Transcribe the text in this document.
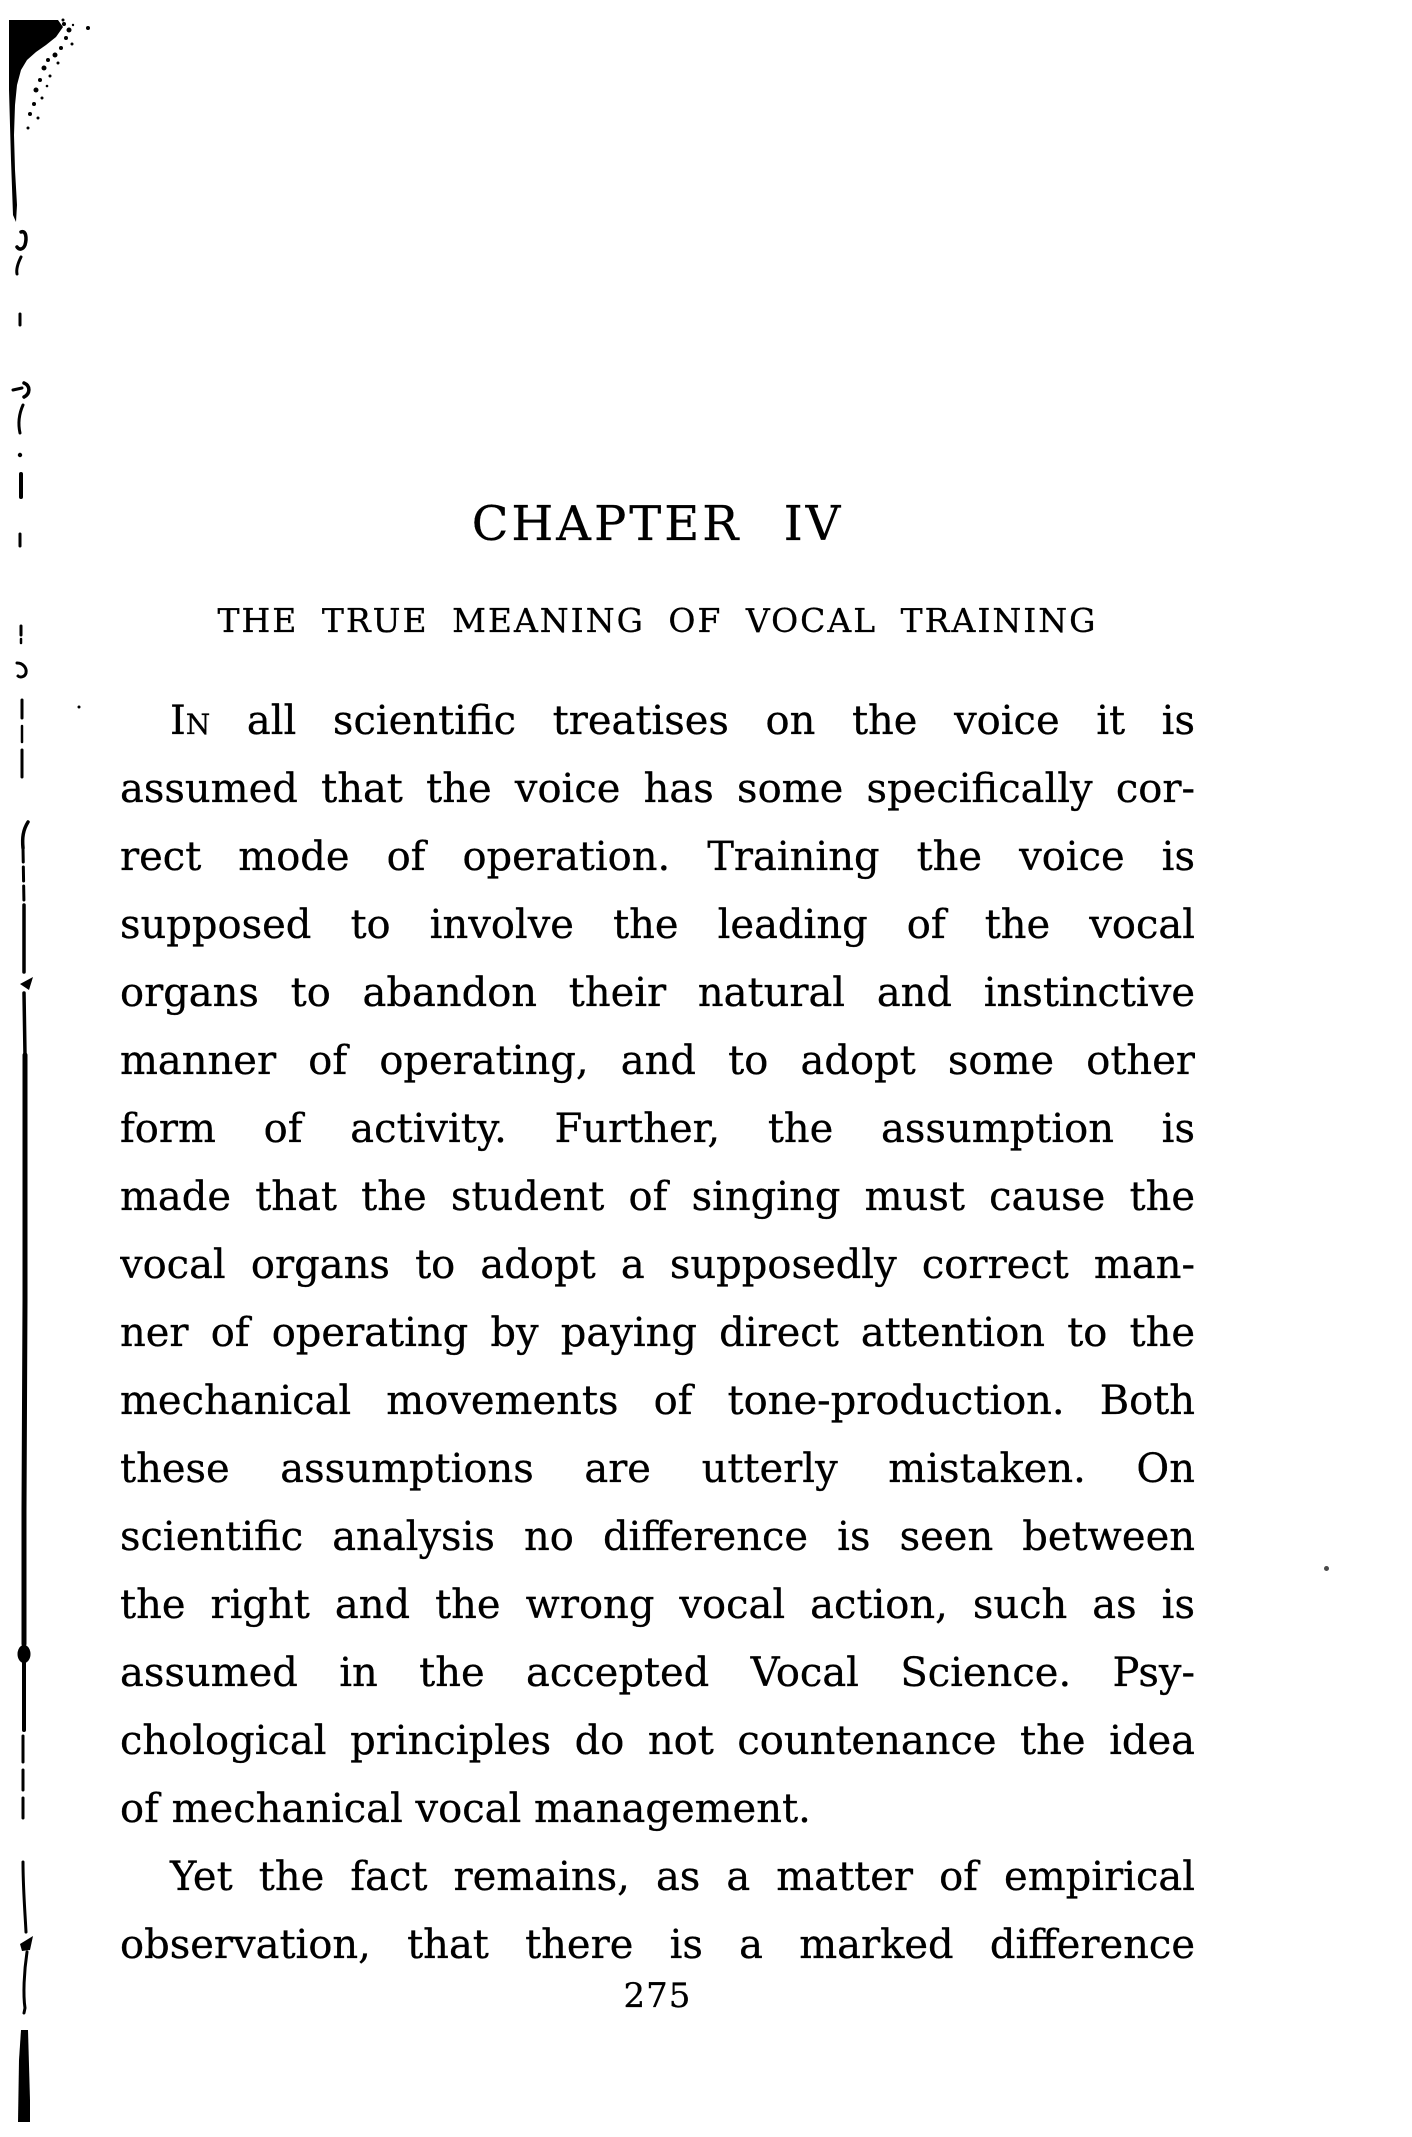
CHAPTER IV
THE TRUE MEANING OF VOCAL TRAINING
In all scientific treatises on the voice it is
assumed that the voice has some specifically cor-
rect mode of operation. Training the voice is
supposed to involve the leading of the vocal
organs to abandon their natural and instinctive
manner of operating, and to adopt some other
form of activity. Further, the assumption is
made that the student of singing must cause the
vocal organs to adopt a supposedly correct man-
ner of operating by paying direct attention to the
mechanical movements of tone-production. Both
these assumptions are utterly mistaken. On
scientific analysis no difference is seen between
the right and the wrong vocal action, such as is
assumed in the accepted Vocal Science. Psy-
chological principles do not countenance the idea
of mechanical vocal management.
Yet the fact remains, as a matter of empirical
observation, that there is a marked difference
275
